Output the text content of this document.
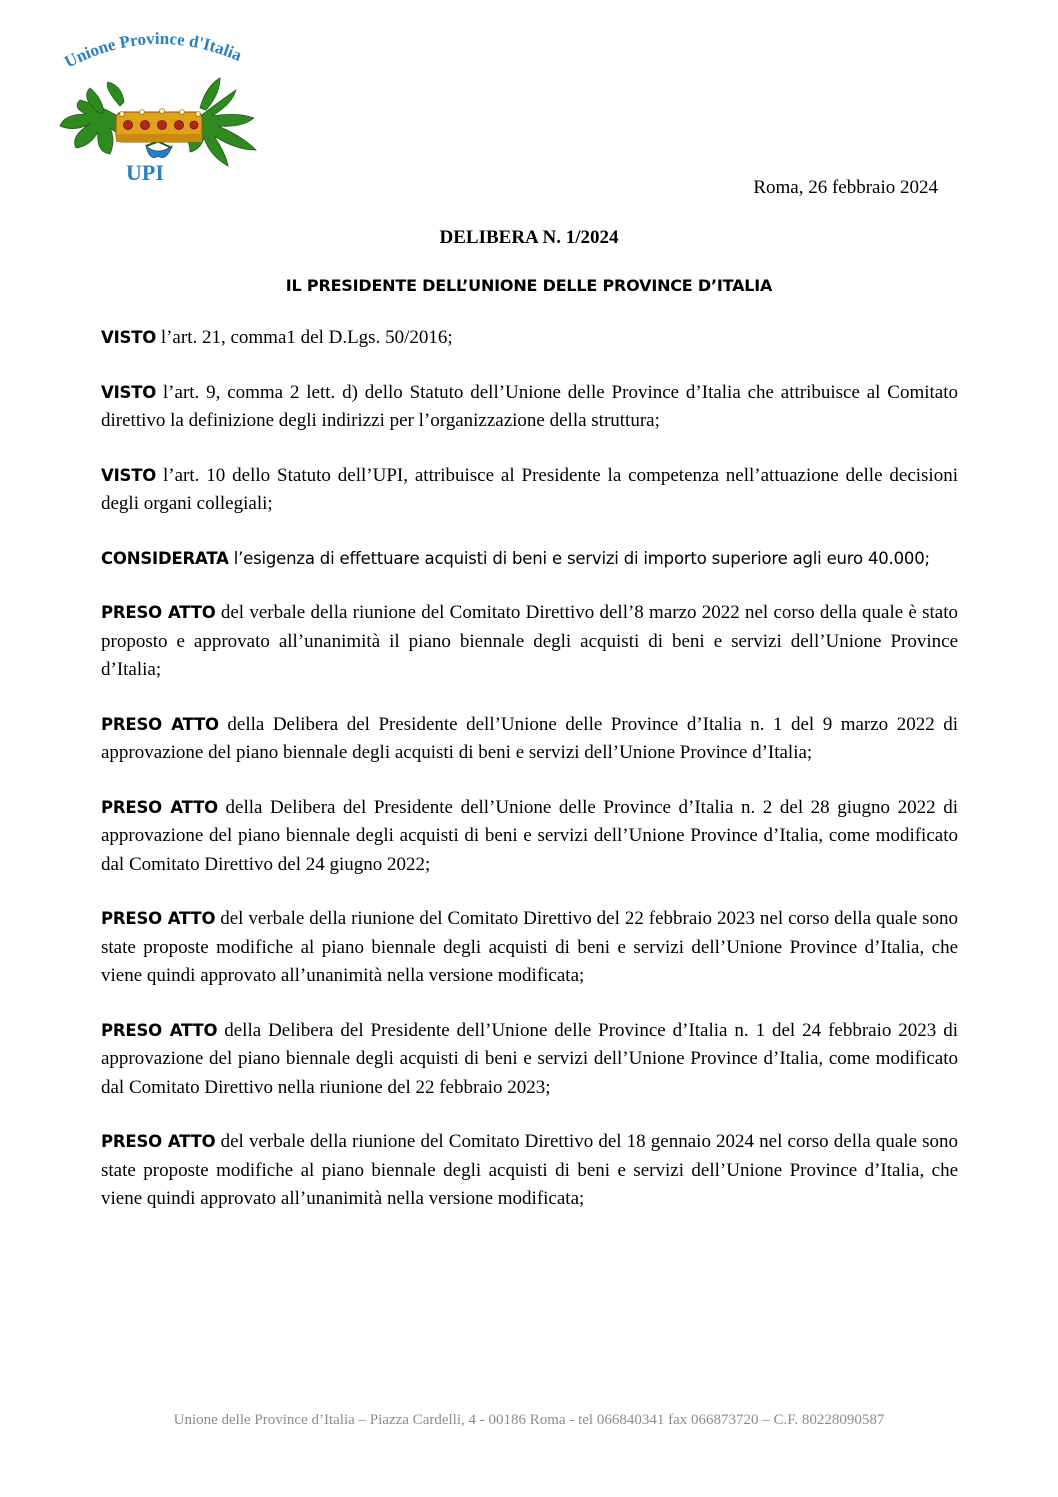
Unione Province d'Italia
UPI
Roma, 26 febbraio 2024
DELIBERA N. 1/2024
IL PRESIDENTE DELL’UNIONE DELLE PROVINCE D’ITALIA

VISTO l’art. 21, comma1 del D.Lgs. 50/2016;

VISTO l’art. 9, comma 2 lett. d) dello Statuto dell’Unione delle Province d’Italia che attribuisce al Comitato direttivo la definizione degli indirizzi per l’organizzazione della struttura;

VISTO l’art. 10 dello Statuto dell’UPI, attribuisce al Presidente la competenza nell’attuazione delle decisioni degli organi collegiali;

CONSIDERATA l’esigenza di effettuare acquisti di beni e servizi di importo superiore agli euro 40.000;

PRESO ATTO del verbale della riunione del Comitato Direttivo dell’8 marzo 2022 nel corso della quale è stato proposto e approvato all’unanimità il piano biennale degli acquisti di beni e servizi dell’Unione Province d’Italia;

PRESO ATTO della Delibera del Presidente dell’Unione delle Province d’Italia n. 1 del 9 marzo 2022 di approvazione del piano biennale degli acquisti di beni e servizi dell’Unione Province d’Italia;

PRESO ATTO della Delibera del Presidente dell’Unione delle Province d’Italia n. 2 del 28 giugno 2022 di approvazione del piano biennale degli acquisti di beni e servizi dell’Unione Province d’Italia, come modificato dal Comitato Direttivo del 24 giugno 2022;

PRESO ATTO del verbale della riunione del Comitato Direttivo del 22 febbraio 2023 nel corso della quale sono state proposte modifiche al piano biennale degli acquisti di beni e servizi dell’Unione Province d’Italia, che viene quindi approvato all’unanimità nella versione modificata;

PRESO ATTO della Delibera del Presidente dell’Unione delle Province d’Italia n. 1 del 24 febbraio 2023 di approvazione del piano biennale degli acquisti di beni e servizi dell’Unione Province d’Italia, come modificato dal Comitato Direttivo nella riunione del 22 febbraio 2023;

PRESO ATTO del verbale della riunione del Comitato Direttivo del 18 gennaio 2024 nel corso della quale sono state proposte modifiche al piano biennale degli acquisti di beni e servizi dell’Unione Province d’Italia, che viene quindi approvato all’unanimità nella versione modificata;

Unione delle Province d’Italia – Piazza Cardelli, 4 - 00186 Roma - tel 066840341 fax 066873720 – C.F. 80228090587
